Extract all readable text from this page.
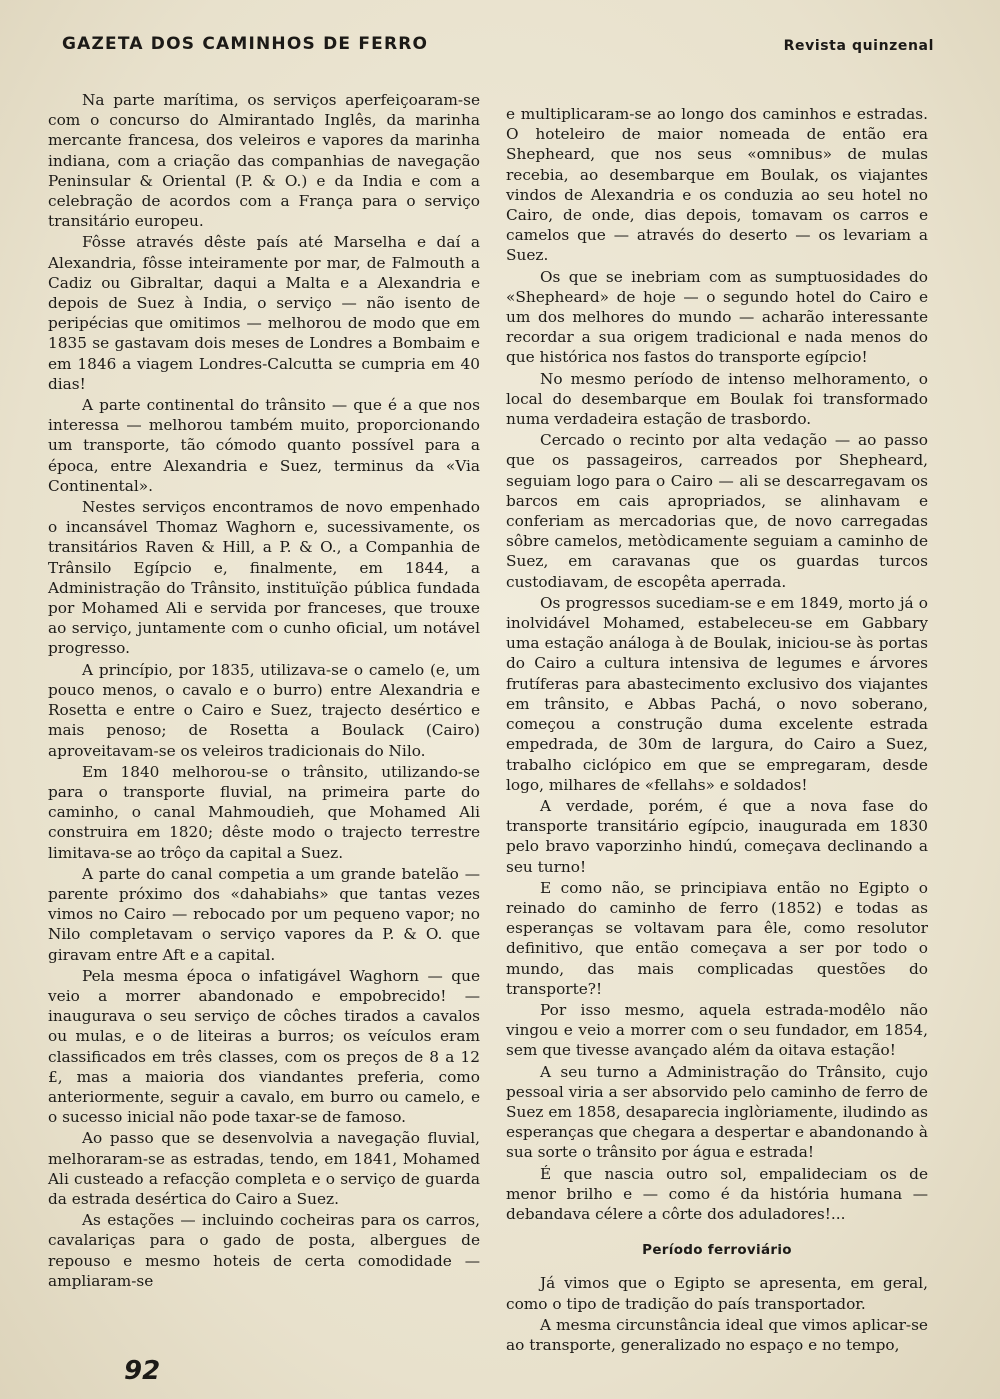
GAZETA DOS CAMINHOS DE FERRO	Revista quinzenal

Na parte marítima, os serviços aperfeiçoaram-se com o concurso do Almirantado Inglês, da marinha mercante francesa, dos veleiros e vapores da marinha indiana, com a criação das companhias de navegação Peninsular & Oriental (P. & O.) e da India e com a celebração de acordos com a França para o serviço transitário europeu.

Fôsse através dêste país até Marselha e daí a Alexandria, fôsse inteiramente por mar, de Falmouth a Cadiz ou Gibraltar, daqui a Malta e a Alexandria e depois de Suez à India, o serviço — não isento de peripécias que omitimos — melhorou de modo que em 1835 se gastavam dois meses de Londres a Bombaim e em 1846 a viagem Londres-Calcutta se cumpria em 40 dias!

A parte continental do trânsito — que é a que nos interessa — melhorou também muito, proporcionando um transporte, tão cómodo quanto possível para a época, entre Alexandria e Suez, terminus da «Via Continental».

Nestes serviços encontramos de novo empenhado o incansável Thomaz Waghorn e, sucessivamente, os transitários Raven & Hill, a P. & O., a Companhia de Trânsilo Egípcio e, finalmente, em 1844, a Administração do Trânsito, instituïção pública fundada por Mohamed Ali e servida por franceses, que trouxe ao serviço, juntamente com o cunho oficial, um notável progresso.

A princípio, por 1835, utilizava-se o camelo (e, um pouco menos, o cavalo e o burro) entre Alexandria e Rosetta e entre o Cairo e Suez, trajecto desértico e mais penoso; de Rosetta a Boulack (Cairo) aproveitavam-se os veleiros tradicionais do Nilo.

Em 1840 melhorou-se o trânsito, utilizando-se para o transporte fluvial, na primeira parte do caminho, o canal Mahmoudieh, que Mohamed Ali construira em 1820; dêste modo o trajecto terrestre limitava-se ao trôço da capital a Suez.

A parte do canal competia a um grande batelão — parente próximo dos «dahabiahs» que tantas vezes vimos no Cairo — rebocado por um pequeno vapor; no Nilo completavam o serviço vapores da P. & O. que giravam entre Aft e a capital.

Pela mesma época o infatigável Waghorn — que veio a morrer abandonado e empobrecido! — inaugurava o seu serviço de côches tirados a cavalos ou mulas, e o de liteiras a burros; os veículos eram classificados em três classes, com os preços de 8 a 12 £, mas a maioria dos viandantes preferia, como anteriormente, seguir a cavalo, em burro ou camelo, e o sucesso inicial não pode taxar-se de famoso.

Ao passo que se desenvolvia a navegação fluvial, melhoraram-se as estradas, tendo, em 1841, Mohamed Ali custeado a refacção completa e o serviço de guarda da estrada desértica do Cairo a Suez.

As estações — incluindo cocheiras para os carros, cavalariças para o gado de posta, albergues de repouso e mesmo hoteis de certa comodidade — ampliaram-se

e multiplicaram-se ao longo dos caminhos e estradas. O hoteleiro de maior nomeada de então era Shepheard, que nos seus «omnibus» de mulas recebia, ao desembarque em Boulak, os viajantes vindos de Alexandria e os conduzia ao seu hotel no Cairo, de onde, dias depois, tomavam os carros e camelos que — através do deserto — os levariam a Suez.

Os que se inebriam com as sumptuosidades do «Shepheard» de hoje — o segundo hotel do Cairo e um dos melhores do mundo — acharão interessante recordar a sua origem tradicional e nada menos do que histórica nos fastos do transporte egípcio!

No mesmo período de intenso melhoramento, o local do desembarque em Boulak foi transformado numa verdadeira estação de trasbordo.

Cercado o recinto por alta vedação — ao passo que os passageiros, carreados por Shepheard, seguiam logo para o Cairo — ali se descarregavam os barcos em cais apropriados, se alinhavam e conferiam as mercadorias que, de novo carregadas sôbre camelos, metòdicamente seguiam a caminho de Suez, em caravanas que os guardas turcos custodiavam, de escopêta aperrada.

Os progressos sucediam-se e em 1849, morto já o inolvidável Mohamed, estabeleceu-se em Gabbary uma estação análoga à de Boulak, iniciou-se às portas do Cairo a cultura intensiva de legumes e árvores frutíferas para abastecimento exclusivo dos viajantes em trânsito, e Abbas Pachá, o novo soberano, começou a construção duma excelente estrada empedrada, de 30m de largura, do Cairo a Suez, trabalho ciclópico em que se empregaram, desde logo, milhares de «fellahs» e soldados!

A verdade, porém, é que a nova fase do transporte transitário egípcio, inaugurada em 1830 pelo bravo vaporzinho hindú, começava declinando a seu turno!

E como não, se principiava então no Egipto o reinado do caminho de ferro (1852) e todas as esperanças se voltavam para êle, como resolutor definitivo, que então começava a ser por todo o mundo, das mais complicadas questões do transporte?!

Por isso mesmo, aquela estrada-modêlo não vingou e veio a morrer com o seu fundador, em 1854, sem que tivesse avançado além da oitava estação!

A seu turno a Administração do Trânsito, cujo pessoal viria a ser absorvido pelo caminho de ferro de Suez em 1858, desaparecia inglòriamente, iludindo as esperanças que chegara a despertar e abandonando à sua sorte o trânsito por água e estrada!

É que nascia outro sol, empalideciam os de menor brilho e — como é da história humana — debandava célere a côrte dos aduladores!...

Período ferroviário

Já vimos que o Egipto se apresenta, em geral, como o tipo de tradição do país transportador.

A mesma circunstância ideal que vimos aplicar-se ao transporte, generalizado no espaço e no tempo,

92
